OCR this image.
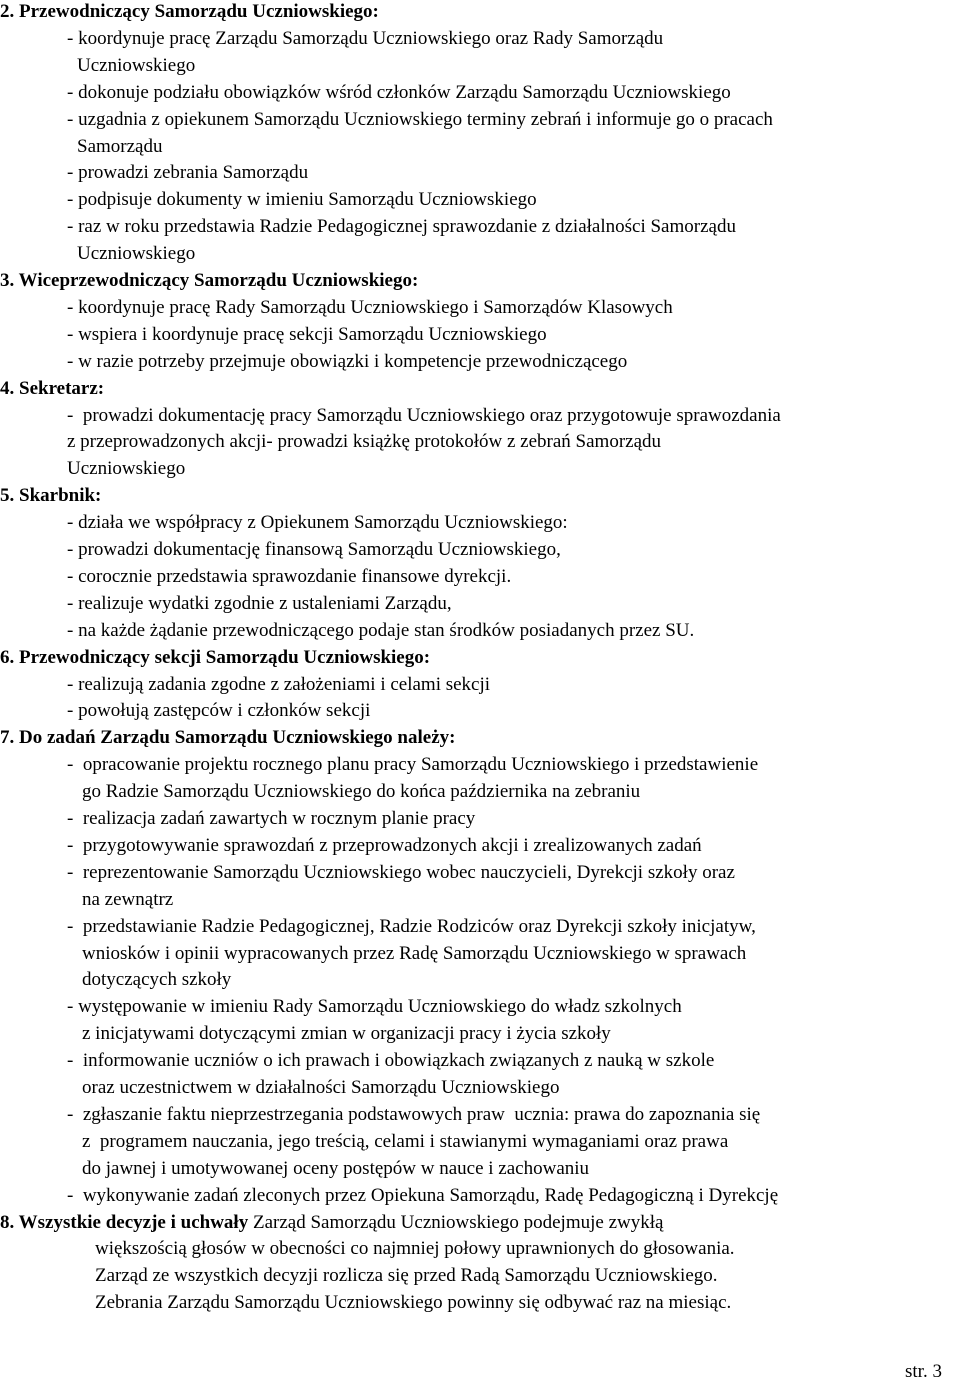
2. Przewodniczący Samorządu Uczniowskiego:
- koordynuje pracę Zarządu Samorządu Uczniowskiego oraz Rady Samorządu
Uczniowskiego
- dokonuje podziału obowiązków wśród członków Zarządu Samorządu Uczniowskiego
- uzgadnia z opiekunem Samorządu Uczniowskiego terminy zebrań i informuje go o pracach
Samorządu
- prowadzi zebrania Samorządu
- podpisuje dokumenty w imieniu Samorządu Uczniowskiego
- raz w roku przedstawia Radzie Pedagogicznej sprawozdanie z działalności Samorządu
Uczniowskiego
3. Wiceprzewodniczący Samorządu Uczniowskiego:
- koordynuje pracę Rady Samorządu Uczniowskiego i Samorządów Klasowych
- wspiera i koordynuje pracę sekcji Samorządu Uczniowskiego
- w razie potrzeby przejmuje obowiązki i kompetencje przewodniczącego
4. Sekretarz:
-  prowadzi dokumentację pracy Samorządu Uczniowskiego oraz przygotowuje sprawozdania
z przeprowadzonych akcji- prowadzi książkę protokołów z zebrań Samorządu
Uczniowskiego
5. Skarbnik:
- działa we współpracy z Opiekunem Samorządu Uczniowskiego:
- prowadzi dokumentację finansową Samorządu Uczniowskiego,
- corocznie przedstawia sprawozdanie finansowe dyrekcji.
- realizuje wydatki zgodnie z ustaleniami Zarządu,
- na każde żądanie przewodniczącego podaje stan środków posiadanych przez SU.
6. Przewodniczący sekcji Samorządu Uczniowskiego:
- realizują zadania zgodne z założeniami i celami sekcji
- powołują zastępców i członków sekcji
7. Do zadań Zarządu Samorządu Uczniowskiego należy:
-  opracowanie projektu rocznego planu pracy Samorządu Uczniowskiego i przedstawienie
go Radzie Samorządu Uczniowskiego do końca października na zebraniu
-  realizacja zadań zawartych w rocznym planie pracy
-  przygotowywanie sprawozdań z przeprowadzonych akcji i zrealizowanych zadań
-  reprezentowanie Samorządu Uczniowskiego wobec nauczycieli, Dyrekcji szkoły oraz
na zewnątrz
-  przedstawianie Radzie Pedagogicznej, Radzie Rodziców oraz Dyrekcji szkoły inicjatyw,
wniosków i opinii wypracowanych przez Radę Samorządu Uczniowskiego w sprawach
dotyczących szkoły
- występowanie w imieniu Rady Samorządu Uczniowskiego do władz szkolnych
z inicjatywami dotyczącymi zmian w organizacji pracy i życia szkoły
-  informowanie uczniów o ich prawach i obowiązkach związanych z nauką w szkole
oraz uczestnictwem w działalności Samorządu Uczniowskiego
-  zgłaszanie faktu nieprzestrzegania podstawowych praw  ucznia: prawa do zapoznania się
z  programem nauczania, jego treścią, celami i stawianymi wymaganiami oraz prawa
do jawnej i umotywowanej oceny postępów w nauce i zachowaniu
-  wykonywanie zadań zleconych przez Opiekuna Samorządu, Radę Pedagogiczną i Dyrekcję
8. Wszystkie decyzje i uchwały Zarząd Samorządu Uczniowskiego podejmuje zwykłą
większością głosów w obecności co najmniej połowy uprawnionych do głosowania.
Zarząd ze wszystkich decyzji rozlicza się przed Radą Samorządu Uczniowskiego.
Zebrania Zarządu Samorządu Uczniowskiego powinny się odbywać raz na miesiąc.
str. 3
